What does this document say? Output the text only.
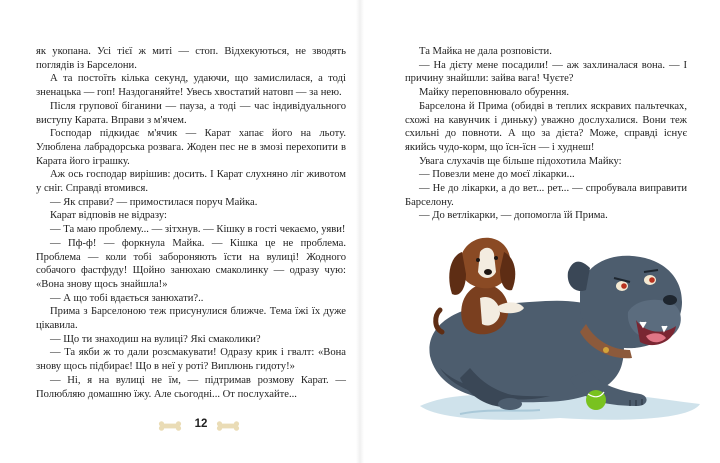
як укопана. Усі тієї ж миті — стоп. Відхекуються, не зводять поглядів із Барселони.

А та постоїть кілька секунд, удаючи, що замислилася, а тоді зненацька — гоп! Наздоганяйте! Увесь хвостатий натовп — за нею.

Після групової біганини — пауза, а тоді — час індивідуального виступу Карата. Вправи з м'ячем.

Господар підкидає м'ячик — Карат хапає його на льоту. Улюблена лабрадорська розвага. Жоден пес не в змозі перехопити в Карата його іграшку.

Аж ось господар вирішив: досить. І Карат слухняно ліг животом у сніг. Справді втомився.

— Як справи? — примостилася поруч Майка.

Карат відповів не відразу:

— Та маю проблему... — зітхнув. — Кішку в гості чекаємо, уяви!

— Пф-ф! — форкнула Майка. — Кішка це не проблема. Проблема — коли тобі забороняють їсти на вулиці! Жодного собачого фастфуду! Щойно занюхаю смаколинку — одразу чую: «Вона знову щось знайшла!»

— А що тобі вдається занюхати?..

Прима з Барселоною теж присунулися ближче. Тема їжі їх дуже цікавила.

— Що ти знаходиш на вулиці? Які смаколики?

— Та якби ж то дали розсмакувати! Одразу крик і гвалт: «Вона знову щось підбирає! Що в неї у роті? Виплюнь гидоту!»

— Ні, я на вулиці не їм, — підтримав розмову Карат. — Полюбляю домашню їжу. Але сьогодні... От послухайте...

12

Та Майка не дала розповісти.

— На дієту мене посадили! — аж захлиналася вона. — І причину знайшли: зайва вага! Чуєте?

Майку переповнювало обурення.

Барселона й Прима (обидві в теплих яскравих пальтечках, схожі на кавунчик і диньку) уважно дослухалися. Вони теж схильні до повноти. А що за дієта? Може, справді існує якийсь чудо-корм, що їсн-їсн — і худнеш!

Увага слухачів ще більше підохотила Майку:

— Повезли мене до моєї лікарки...

— Не до лікарки, а до вет... рет... — спробувала виправити Барселону.

— До ветлікарки, — допомогла їй Прима.
